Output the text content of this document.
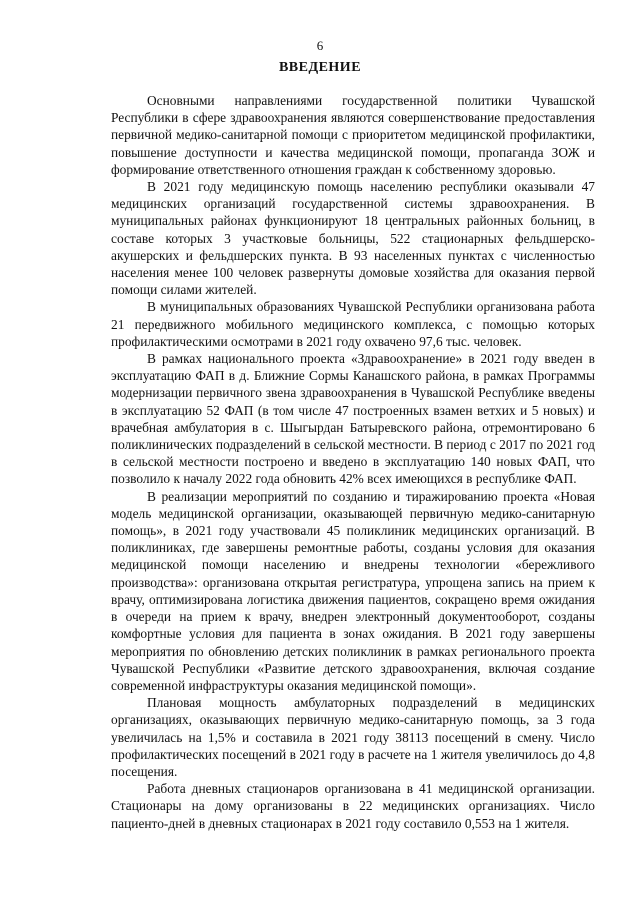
6
ВВЕДЕНИЕ

Основными направлениями государственной политики Чувашской Республики в сфере здравоохранения являются совершенствование предоставления первичной медико-санитарной помощи с приоритетом медицинской профилактики, повышение доступности и качества медицинской помощи, пропаганда ЗОЖ и формирование ответственного отношения граждан к собственному здоровью.

В 2021 году медицинскую помощь населению республики оказывали 47 медицинских организаций государственной системы здравоохранения. В муниципальных районах функционируют 18 центральных районных больниц, в составе которых 3 участковые больницы, 522 стационарных фельдшерско-акушерских и фельдшерских пункта. В 93 населенных пунктах с численностью населения менее 100 человек развернуты домовые хозяйства для оказания первой помощи силами жителей.

В муниципальных образованиях Чувашской Республики организована работа 21 передвижного мобильного медицинского комплекса, с помощью которых профилактическими осмотрами в 2021 году охвачено 97,6 тыс. человек.

В рамках национального проекта «Здравоохранение» в 2021 году введен в эксплуатацию ФАП в д. Ближние Сормы Канашского района, в рамках Программы модернизации первичного звена здравоохранения в Чувашской Республике введены в эксплуатацию 52 ФАП (в том числе 47 построенных взамен ветхих и 5 новых) и врачебная амбулатория в с. Шыгырдан Батыревского района, отремонтировано 6 поликлинических подразделений в сельской местности. В период с 2017 по 2021 год в сельской местности построено и введено в эксплуатацию 140 новых ФАП, что позволило к началу 2022 года обновить 42% всех имеющихся в республике ФАП.

В реализации мероприятий по созданию и тиражированию проекта «Новая модель медицинской организации, оказывающей первичную медико-санитарную помощь», в 2021 году участвовали 45 поликлиник медицинских организаций. В поликлиниках, где завершены ремонтные работы, созданы условия для оказания медицинской помощи населению и внедрены технологии «бережливого производства»: организована открытая регистратура, упрощена запись на прием к врачу, оптимизирована логистика движения пациентов, сокращено время ожидания в очереди на прием к врачу, внедрен электронный документооборот, созданы комфортные условия для пациента в зонах ожидания. В 2021 году завершены мероприятия по обновлению детских поликлиник в рамках регионального проекта Чувашской Республики «Развитие детского здравоохранения, включая создание современной инфраструктуры оказания медицинской помощи».

Плановая мощность амбулаторных подразделений в медицинских организациях, оказывающих первичную медико-санитарную помощь, за 3 года увеличилась на 1,5% и составила в 2021 году 38113 посещений в смену. Число профилактических посещений в 2021 году в расчете на 1 жителя увеличилось до 4,8 посещения.

Работа дневных стационаров организована в 41 медицинской организации. Стационары на дому организованы в 22 медицинских организациях. Число пациенто-дней в дневных стационарах в 2021 году составило 0,553 на 1 жителя.
